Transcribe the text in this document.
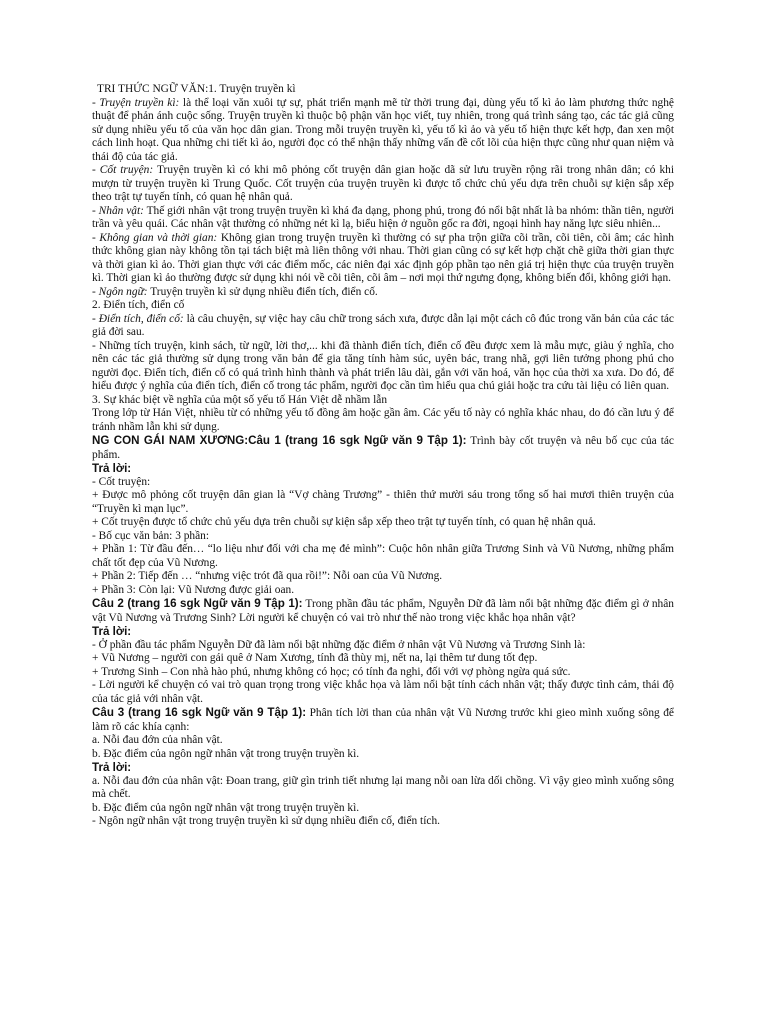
TRI THỨC NGỮ VĂN:1. Truyện truyền kì

- Truyện truyền kì: là thể loại văn xuôi tự sự, phát triển mạnh mẽ từ thời trung đại, dùng yếu tố kì ảo làm phương thức nghệ thuật để phản ánh cuộc sống. Truyện truyền kì thuộc bộ phận văn học viết, tuy nhiên, trong quá trình sáng tạo, các tác giả cũng sử dụng nhiều yếu tố của văn học dân gian. Trong mỗi truyện truyền kì, yếu tố kì ảo và yếu tố hiện thực kết hợp, đan xen một cách linh hoạt. Qua những chi tiết kì ảo, người đọc có thể nhận thấy những vấn đề cốt lõi của hiện thực cũng như quan niệm và thái độ của tác giả.

- Cốt truyện: Truyện truyền kì có khi mô phỏng cốt truyện dân gian hoặc dã sử lưu truyền rộng rãi trong nhân dân; có khi mượn từ truyện truyền kì Trung Quốc. Cốt truyện của truyện truyền kì được tổ chức chủ yếu dựa trên chuỗi sự kiện sắp xếp theo trật tự tuyến tính, có quan hệ nhân quả.

- Nhân vật: Thế giới nhân vật trong truyện truyền kì khá đa dạng, phong phú, trong đó nổi bật nhất là ba nhóm: thần tiên, người trần và yêu quái. Các nhân vật thường có những nét kì lạ, biểu hiện ở nguồn gốc ra đời, ngoại hình hay năng lực siêu nhiên...

- Không gian và thời gian: Không gian trong truyện truyền kì thường có sự pha trộn giữa cõi trần, cõi tiên, cõi âm; các hình thức không gian này không tồn tại tách biệt mà liên thông với nhau. Thời gian cũng có sự kết hợp chặt chẽ giữa thời gian thực và thời gian kì ảo. Thời gian thực với các điểm mốc, các niên đại xác định góp phần tạo nên giá trị hiện thực của truyện truyền kì. Thời gian kì ảo thường được sử dụng khi nói về cõi tiên, cõi âm – nơi mọi thứ ngưng đọng, không biến đổi, không giới hạn.

- Ngôn ngữ: Truyện truyền kì sử dụng nhiều điển tích, điển cố.

2. Điển tích, điển cố

- Điển tích, điển cố: là câu chuyện, sự việc hay câu chữ trong sách xưa, được dẫn lại một cách cô đúc trong văn bản của các tác giả đời sau.

- Những tích truyện, kinh sách, từ ngữ, lời thơ,... khi đã thành điển tích, điển cố đều được xem là mẫu mực, giàu ý nghĩa, cho nên các tác giả thường sử dụng trong văn bản để gia tăng tính hàm súc, uyên bác, trang nhã, gợi liên tưởng phong phú cho người đọc. Điển tích, điển cố có quá trình hình thành và phát triển lâu dài, gắn với văn hoá, văn học của thời xa xưa. Do đó, để hiểu được ý nghĩa của điển tích, điển cố trong tác phẩm, người đọc cần tìm hiểu qua chú giải hoặc tra cứu tài liệu có liên quan.

3. Sự khác biệt về nghĩa của một số yếu tố Hán Việt dễ nhầm lẫn

Trong lớp từ Hán Việt, nhiều từ có những yếu tố đồng âm hoặc gần âm. Các yếu tố này có nghĩa khác nhau, do đó cần lưu ý để tránh nhầm lẫn khi sử dụng.

NG CON GÁI NAM XƯƠNG:Câu 1 (trang 16 sgk Ngữ văn 9 Tập 1): Trình bày cốt truyện và nêu bố cục của tác phẩm.

Trả lời:

- Cốt truyện:

+ Được mô phỏng cốt truyện dân gian là “Vợ chàng Trương” - thiên thứ mười sáu trong tổng số hai mươi thiên truyện của “Truyền kì mạn lục”.

+ Cốt truyện được tổ chức chủ yếu dựa trên chuỗi sự kiện sắp xếp theo trật tự tuyến tính, có quan hệ nhân quả.

- Bố cục văn bản: 3 phần:

+ Phần 1: Từ đầu đến… “lo liệu như đối với cha mẹ đẻ mình”: Cuộc hôn nhân giữa Trương Sinh và Vũ Nương, những phẩm chất tốt đẹp của Vũ Nương.

+ Phần 2: Tiếp đến … “nhưng việc trót đã qua rồi!”: Nỗi oan của Vũ Nương.

+ Phần 3: Còn lại: Vũ Nương được giải oan.

Câu 2 (trang 16 sgk Ngữ văn 9 Tập 1): Trong phần đầu tác phẩm, Nguyễn Dữ đã làm nổi bật những đặc điểm gì ở nhân vật Vũ Nương và Trương Sinh? Lời người kể chuyện có vai trò như thế nào trong việc khắc họa nhân vật?

Trả lời:

- Ở phần đầu tác phẩm Nguyễn Dữ đã làm nổi bật những đặc điểm ở nhân vật Vũ Nương và Trương Sinh là:

+ Vũ Nương – người con gái quê ở Nam Xương, tính đã thùy mị, nết na, lại thêm tư dung tốt đẹp.

+ Trương Sinh – Con nhà hào phú, nhưng không có học; có tính đa nghi, đối với vợ phòng ngừa quá sức.

- Lời người kể chuyện có vai trò quan trọng trong việc khắc họa và làm nổi bật tính cách nhân vật; thấy được tình cảm, thái độ của tác giả với nhân vật.

Câu 3 (trang 16 sgk Ngữ văn 9 Tập 1): Phân tích lời than của nhân vật Vũ Nương trước khi gieo mình xuống sông để làm rõ các khía cạnh:

a. Nỗi đau đớn của nhân vật.

b. Đặc điểm của ngôn ngữ nhân vật trong truyện truyền kì.

Trả lời:

a. Nỗi đau đớn của nhân vật: Đoan trang, giữ gìn trinh tiết nhưng lại mang nỗi oan lừa dối chồng. Vì vậy gieo mình xuống sông mà chết.

b. Đặc điểm của ngôn ngữ nhân vật trong truyện truyền kì.

- Ngôn ngữ nhân vật trong truyện truyền kì sử dụng nhiều điển cố, điển tích.
